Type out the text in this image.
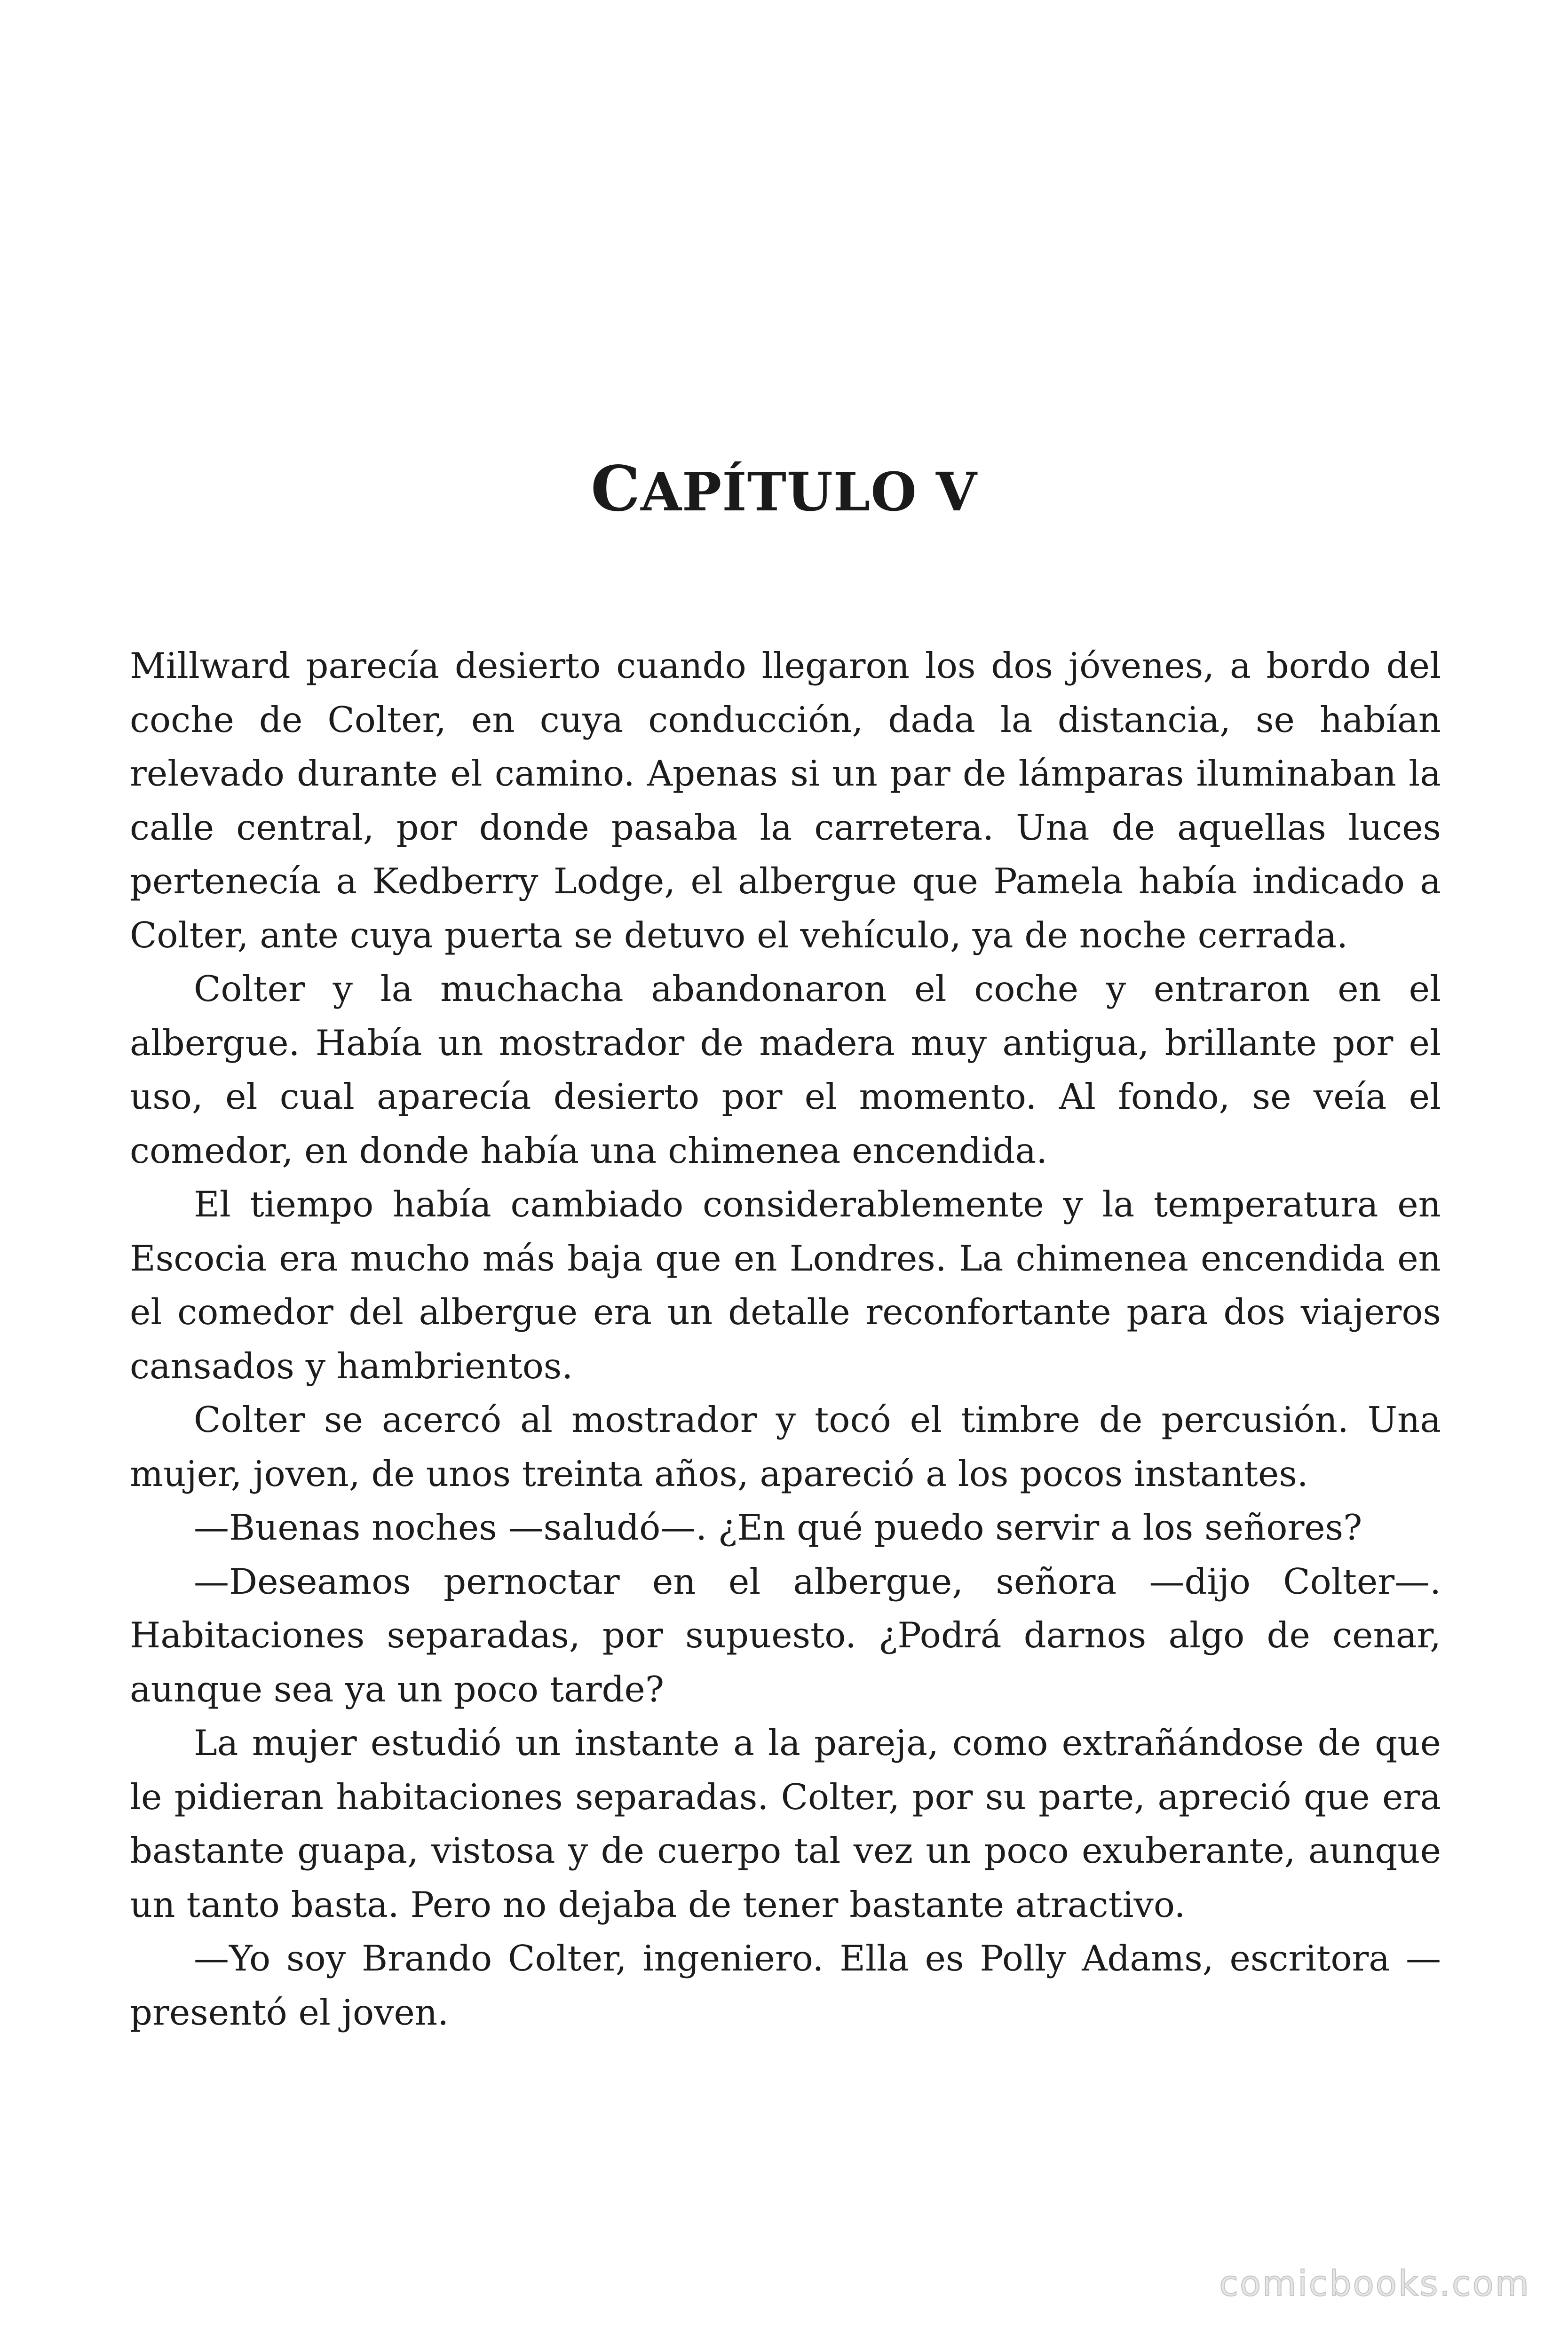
CAPÍTULO V

Millward parecía desierto cuando llegaron los dos jóvenes, a bordo del coche de Colter, en cuya conducción, dada la distancia, se habían relevado durante el camino. Apenas si un par de lámparas iluminaban la calle central, por donde pasaba la carretera. Una de aquellas luces pertenecía a Kedberry Lodge, el albergue que Pamela había indicado a Colter, ante cuya puerta se detuvo el vehículo, ya de noche cerrada.

Colter y la muchacha abandonaron el coche y entraron en el albergue. Había un mostrador de madera muy antigua, brillante por el uso, el cual aparecía desierto por el momento. Al fondo, se veía el comedor, en donde había una chimenea encendida.

El tiempo había cambiado considerablemente y la temperatura en Escocia era mucho más baja que en Londres. La chimenea encendida en el comedor del albergue era un detalle reconfortante para dos viajeros cansados y hambrientos.

Colter se acercó al mostrador y tocó el timbre de percusión. Una mujer, joven, de unos treinta años, apareció a los pocos instantes.

—Buenas noches —saludó—. ¿En qué puedo servir a los señores?

—Deseamos pernoctar en el albergue, señora —dijo Colter—. Habitaciones separadas, por supuesto. ¿Podrá darnos algo de cenar, aunque sea ya un poco tarde?

La mujer estudió un instante a la pareja, como extrañándose de que le pidieran habitaciones separadas. Colter, por su parte, apreció que era bastante guapa, vistosa y de cuerpo tal vez un poco exuberante, aunque un tanto basta. Pero no dejaba de tener bastante atractivo.

—Yo soy Brando Colter, ingeniero. Ella es Polly Adams, escritora —presentó el joven.

comicbooks.com
